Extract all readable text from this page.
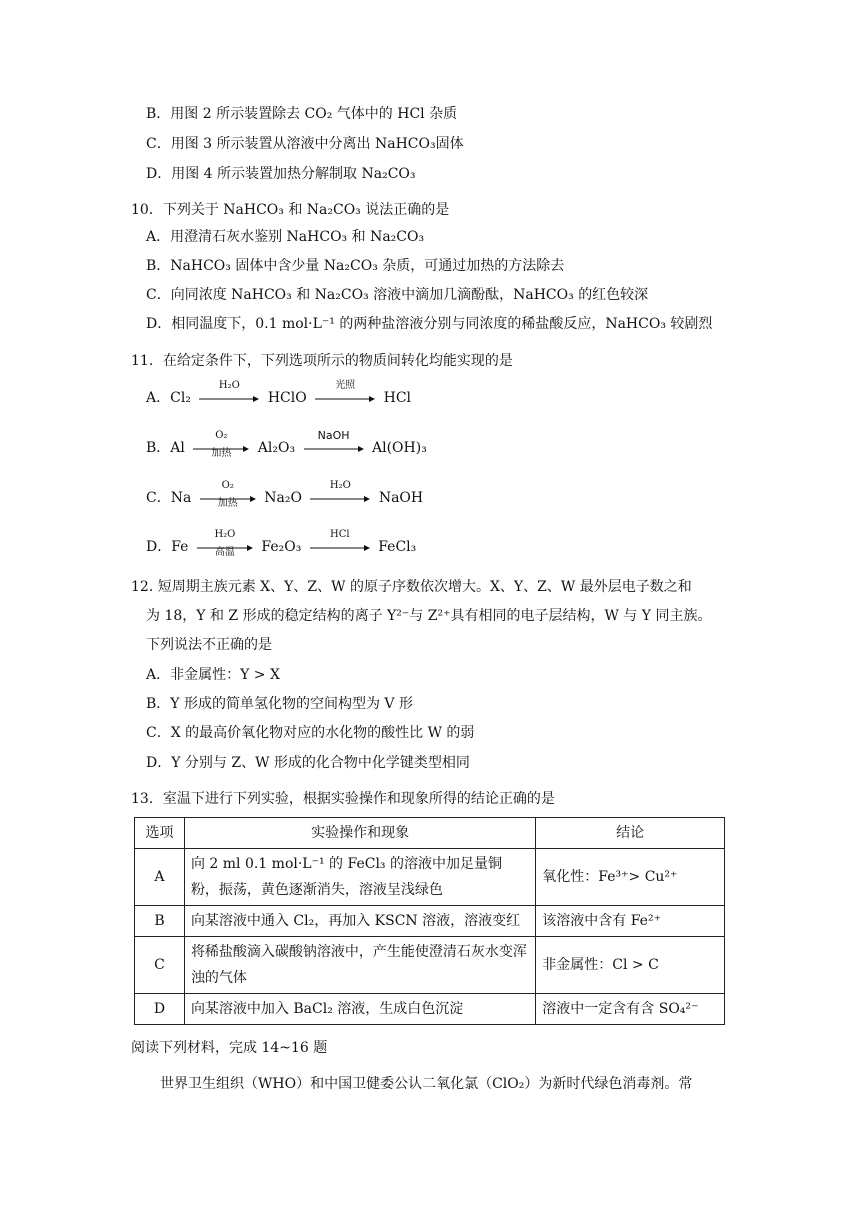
B．用图 2 所示装置除去 CO₂ 气体中的 HCl 杂质
C．用图 3 所示装置从溶液中分离出 NaHCO₃固体
D．用图 4 所示装置加热分解制取 Na₂CO₃
10．下列关于 NaHCO₃ 和 Na₂CO₃ 说法正确的是
A．用澄清石灰水鉴别 NaHCO₃ 和 Na₂CO₃
B．NaHCO₃ 固体中含少量 Na₂CO₃ 杂质，可通过加热的方法除去
C．向同浓度 NaHCO₃ 和 Na₂CO₃ 溶液中滴加几滴酚酞，NaHCO₃ 的红色较深
D．相同温度下，0.1 mol·L⁻¹ 的两种盐溶液分别与同浓度的稀盐酸反应，NaHCO₃ 较剧烈
11．在给定条件下，下列选项所示的物质间转化均能实现的是
A．Cl₂
H₂O
HClO
光照
HCl
B．Al
O₂
加热	Al₂O₃
NaOH
Al(OH)₃
C．Na
O₂
加热	Na₂O
H₂O
NaOH
D．Fe
H₂O
高温	Fe₂O₃
HCl
FeCl₃
12. 短周期主族元素 X、Y、Z、W 的原子序数依次增大。X、Y、Z、W 最外层电子数之和
为 18，Y 和 Z 形成的稳定结构的离子 Y²⁻与 Z²⁺具有相同的电子层结构，W 与 Y 同主族。
下列说法不正确的是
A．非金属性：Y > X
B．Y 形成的简单氢化物的空间构型为 V 形
C．X 的最高价氧化物对应的水化物的酸性比 W 的弱
D．Y 分别与 Z、W 形成的化合物中化学键类型相同
13．室温下进行下列实验，根据实验操作和现象所得的结论正确的是
选项	实验操作和现象	结论
A	向 2 ml 0.1 mol·L⁻¹ 的 FeCl₃ 的溶液中加足量铜粉，振荡，黄色逐渐消失，溶液呈浅绿色	氧化性：Fe³⁺> Cu²⁺
B	向某溶液中通入 Cl₂，再加入 KSCN 溶液，溶液变红	该溶液中含有 Fe²⁺
C	将稀盐酸滴入碳酸钠溶液中，产生能使澄清石灰水变浑浊的气体	非金属性：Cl > C
D	向某溶液中加入 BaCl₂ 溶液，生成白色沉淀	溶液中一定含有含 SO₄²⁻
阅读下列材料，完成 14~16 题
世界卫生组织（WHO）和中国卫健委公认二氧化氯（ClO₂）为新时代绿色消毒剂。常
